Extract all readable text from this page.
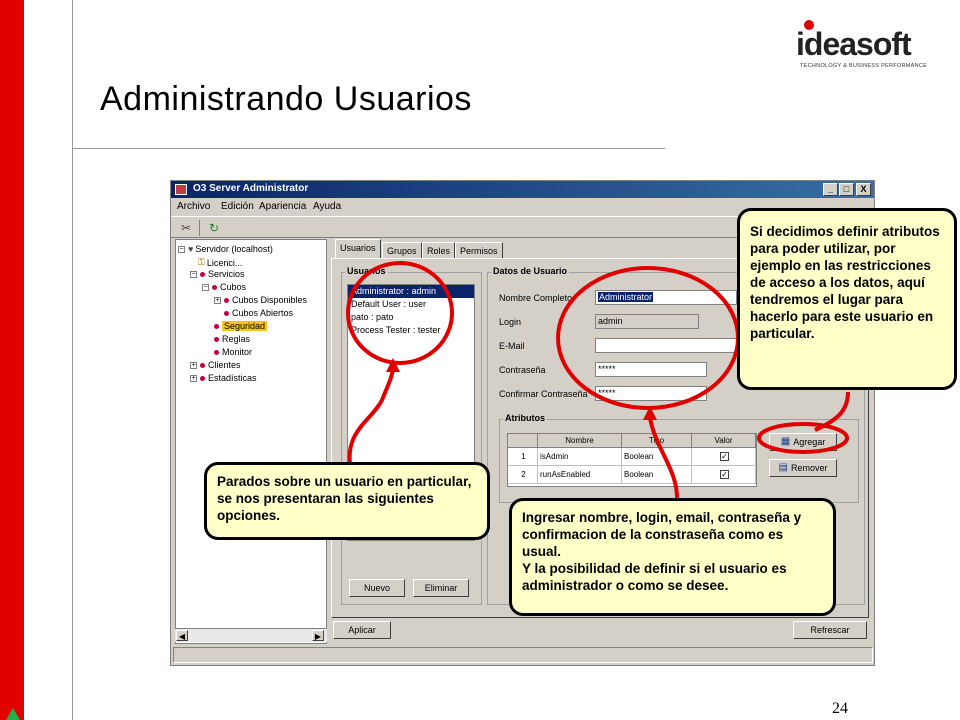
Administrando Usuarios
24
ideasoft
TECHNOLOGY & BUSINESS PERFORMANCE
O3 Server Administrator	_	□	X
Archivo Edición Apariencia Ayuda
✂	↻
− ♥ Servidor (localhost)
⚿ Licenci...
− Servicios
− Cubos
+ Cubos Disponibles
Cubos Abiertos
Seguridad
Reglas
Monitor
+ Clientes
+ Estadísticas
◀	▶
Usuarios	Grupos	Roles	Permisos
Usuarios
Administrator : admin
Default User : user
pato : pato
Process Tester : tester
Nuevo	Eliminar
Datos de Usuario
Nombre Completo	Administrator
Login	admin
E-Mail
Contraseña	*****
Confirmar Contraseña	*****
Atributos
Nombre	Tipo	Valor
1	isAdmin	Boolean	✓
2	runAsEnabled	Boolean	✓
▦ Agregar
▤ Remover
Aplicar	Refrescar
Parados sobre un usuario en particular, se nos presentaran las siguientes opciones.	Ingresar nombre, login, email, contraseña y confirmacion de la constraseña como es usual.
Y la posibilidad de definir si el usuario es administrador o como se desee.
Si decidimos definir atributos para poder utilizar, por ejemplo en las restricciones de acceso a los datos, aquí tendremos el lugar para hacerlo para este usuario en particular.
